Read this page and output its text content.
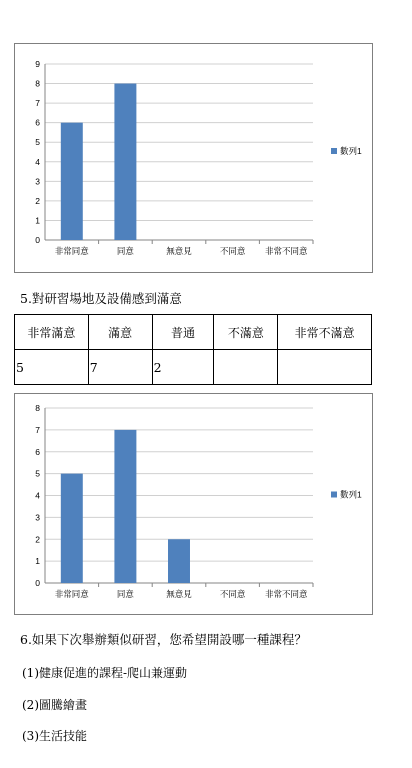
0
1
2
3
4
5
6
7
8
9
非常同意	同意	無意見	不同意 非常不同意
數列1
5.對研習場地及設備感到滿意
非常滿意	滿意	普通	不滿意	非常不滿意
5	7	2		
0
1
2
3
4
5
6
7
8
非常同意	同意	無意見	不同意 非常不同意
數列1
6.如果下次舉辦類似研習，您希望開設哪一種課程？
(1)健康促進的課程-爬山兼運動
(2)圖騰繪畫
(3)生活技能
